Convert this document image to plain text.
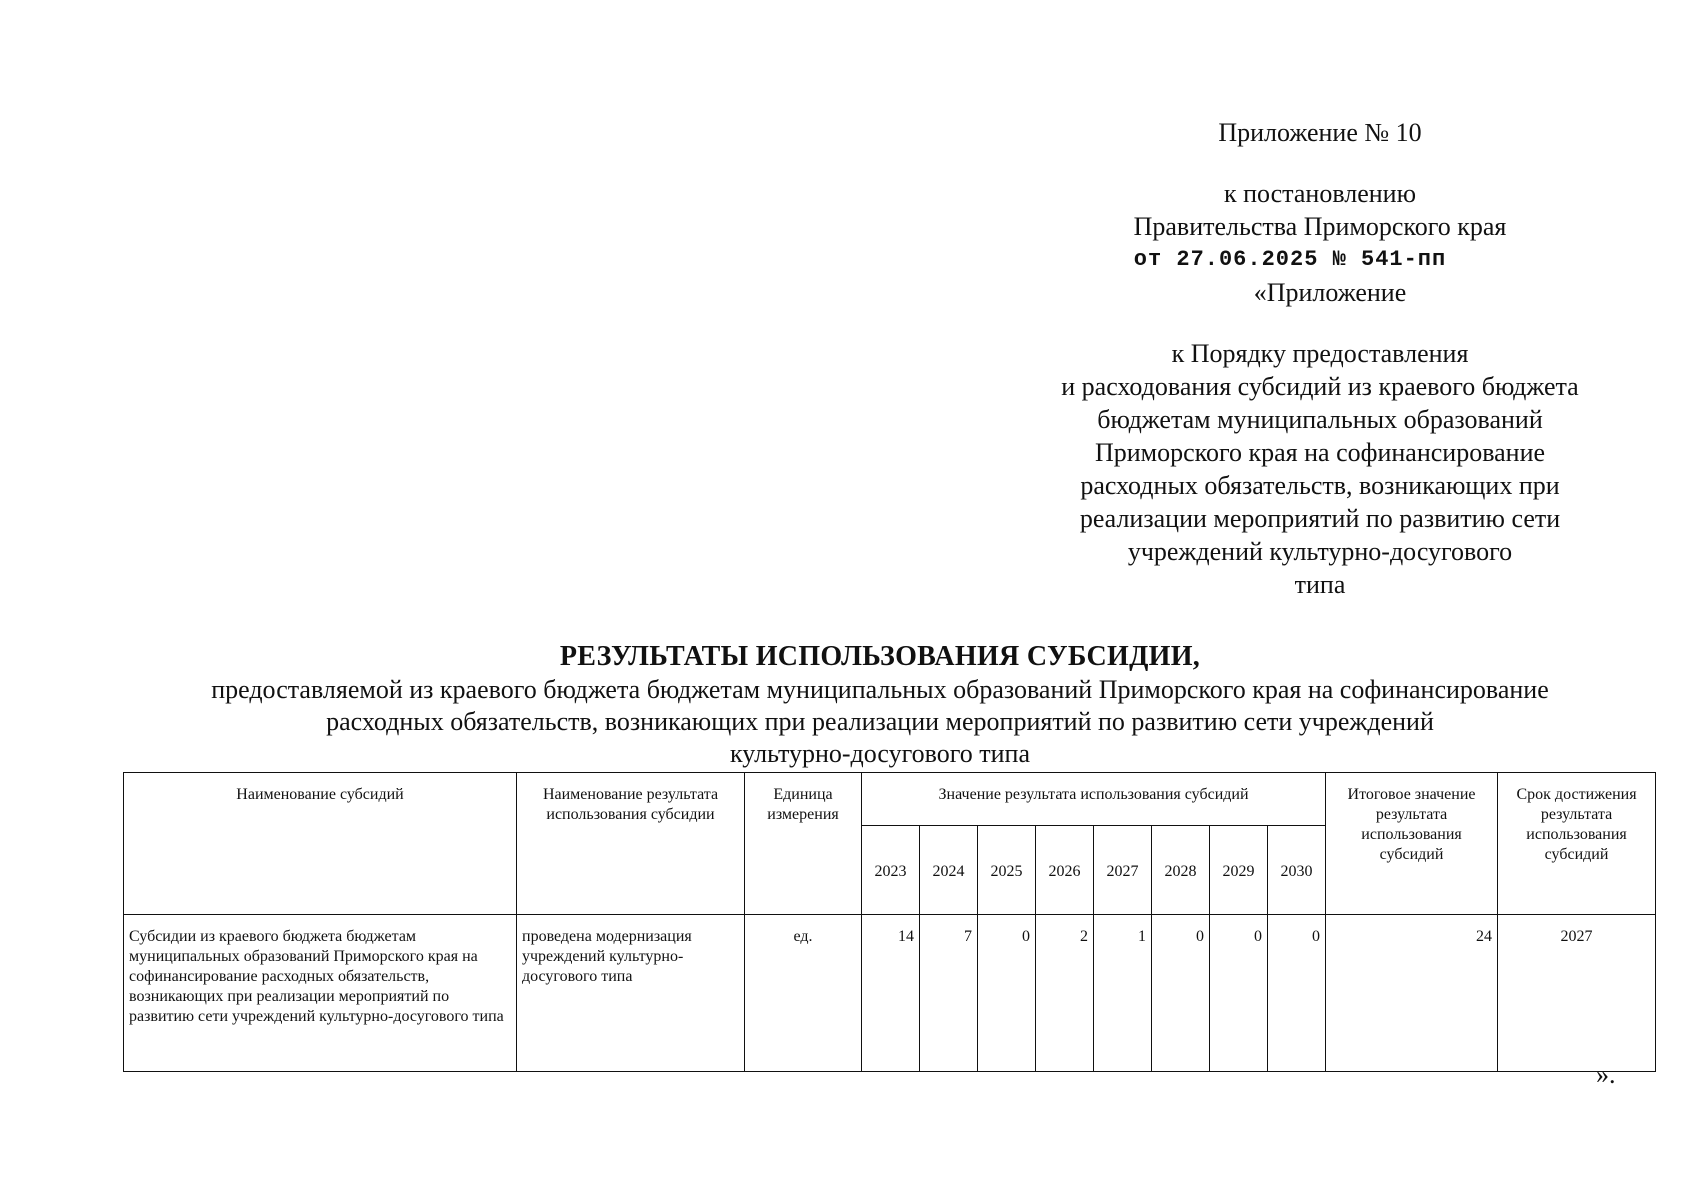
Приложение № 10
к постановлению
Правительства Приморского края
от 27.06.2025 № 541-пп
«Приложение
к Порядку предоставления
и расходования субсидий из краевого бюджета
бюджетам муниципальных образований
Приморского края на софинансирование
расходных обязательств, возникающих при
реализации мероприятий по развитию сети
учреждений культурно-досугового
типа
РЕЗУЛЬТАТЫ ИСПОЛЬЗОВАНИЯ СУБСИДИИ,
предоставляемой из краевого бюджета бюджетам муниципальных образований Приморского края на софинансирование
расходных обязательств, возникающих при реализации мероприятий по развитию сети учреждений
культурно-досугового типа
Наименование субсидий	Наименование результата использования субсидии	Единица измерения	Значение результата использования субсидий								Итоговое значение результата использования субсидий	Срок достижения результата использования субсидий
			2023	2024	2025	2026	2027	2028	2029	2030		
Субсидии из краевого бюджета бюджетам муниципальных образований Приморского края на софинансирование расходных обязательств, возникающих при реализации мероприятий по развитию сети учреждений культурно-досугового типа	проведена модернизация учреждений культурно-досугового типа	ед.	14	7	0	2	1	0	0	0	24	2027
».
